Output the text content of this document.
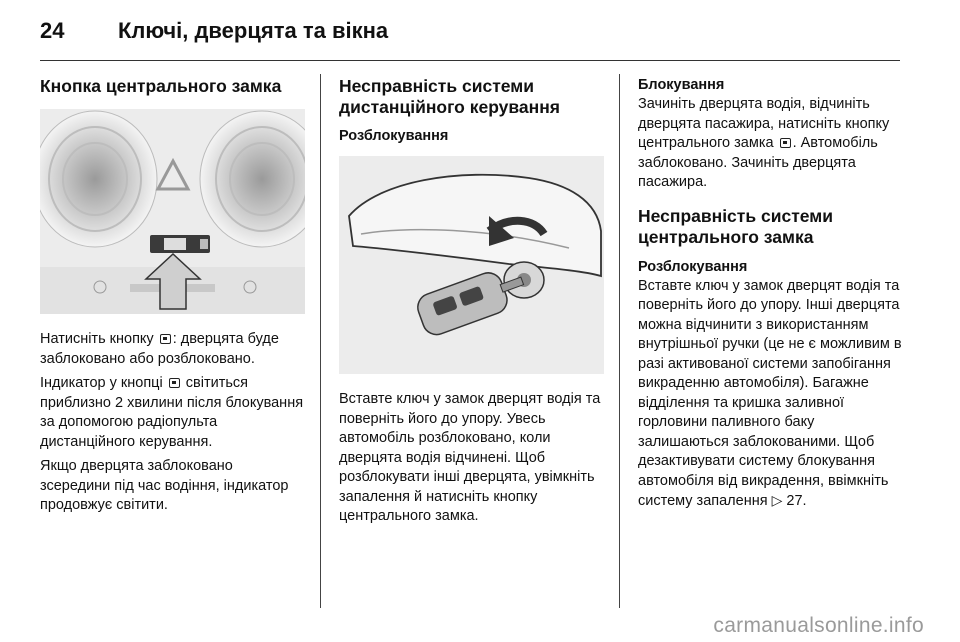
24	Ключі, дверцята та вікна
Кнопка центрального замка

Натисніть кнопку : дверцята буде заблоковано або розблоковано.

Індикатор у кнопці  світиться приблизно 2 хвилини після блокування за допомогою радіопульта дистанційного керування.

Якщо дверцята заблоковано зсередини під час водіння, індикатор продовжує світити.

Несправність системи дистанційного керування
Розблокування

Вставте ключ у замок дверцят водія та поверніть його до упору. Увесь автомобіль розблоковано, коли дверцята водія відчинені. Щоб розблокувати інші дверцята, увімкніть запалення й натисніть кнопку центрального замка.

Блокування

Зачиніть дверцята водія, відчиніть дверцята пасажира, натисніть кнопку центрального замка . Автомобіль заблоковано. Зачиніть дверцята пасажира.

Несправність системи центрального замка
Розблокування

Вставте ключ у замок дверцят водія та поверніть його до упору. Інші дверцята можна відчинити з використанням внутрішньої ручки (це не є можливим в разі активованої системи запобігання викраденню автомобіля). Багажне відділення та кришка заливної горловини паливного баку залишаються заблокованими. Щоб дезактивувати систему блокування автомобіля від викрадення, ввімкніть систему запалення ▷ 27.

carmanualsonline.info
